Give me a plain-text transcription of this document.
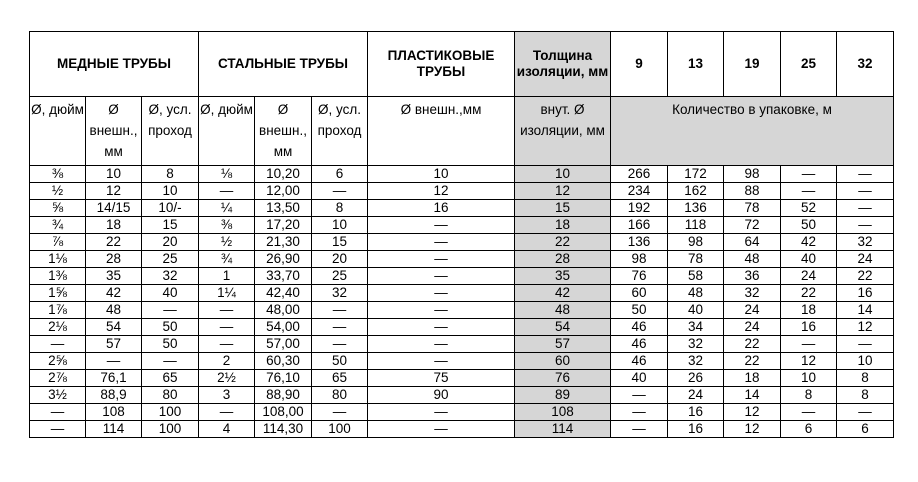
МЕДНЫЕ ТРУБЫ			СТАЛЬНЫЕ ТРУБЫ			ПЛАСТИКОВЫЕ ТРУБЫ	Толщина изоляции, мм	9	13	19	25	32
Ø, дюйм	Ø внешн., мм	Ø, усл. проход	Ø, дюйм	Ø внешн., мм	Ø, усл. проход	Ø внешн.,мм	внут. Ø изоляции, мм	Количество в упаковке, м				
⅜	10	8	⅛	10,20	6	10	10	266	172	98	—	—
½	12	10	—	12,00	—	12	12	234	162	88	—	—
⅝	14/15	10/-	¼	13,50	8	16	15	192	136	78	52	—
¾	18	15	⅜	17,20	10	—	18	166	118	72	50	—
⅞	22	20	½	21,30	15	—	22	136	98	64	42	32
1⅛	28	25	¾	26,90	20	—	28	98	78	48	40	24
1⅜	35	32	1	33,70	25	—	35	76	58	36	24	22
1⅝	42	40	1¼	42,40	32	—	42	60	48	32	22	16
1⅞	48	—	—	48,00	—	—	48	50	40	24	18	14
2⅛	54	50	—	54,00	—	—	54	46	34	24	16	12
—	57	50	—	57,00	—	—	57	46	32	22	—	—
2⅝	—	—	2	60,30	50	—	60	46	32	22	12	10
2⅞	76,1	65	2½	76,10	65	75	76	40	26	18	10	8
3½	88,9	80	3	88,90	80	90	89	—	24	14	8	8
—	108	100	—	108,00	—	—	108	—	16	12	—	—
—	114	100	4	114,30	100	—	114	—	16	12	6	6
